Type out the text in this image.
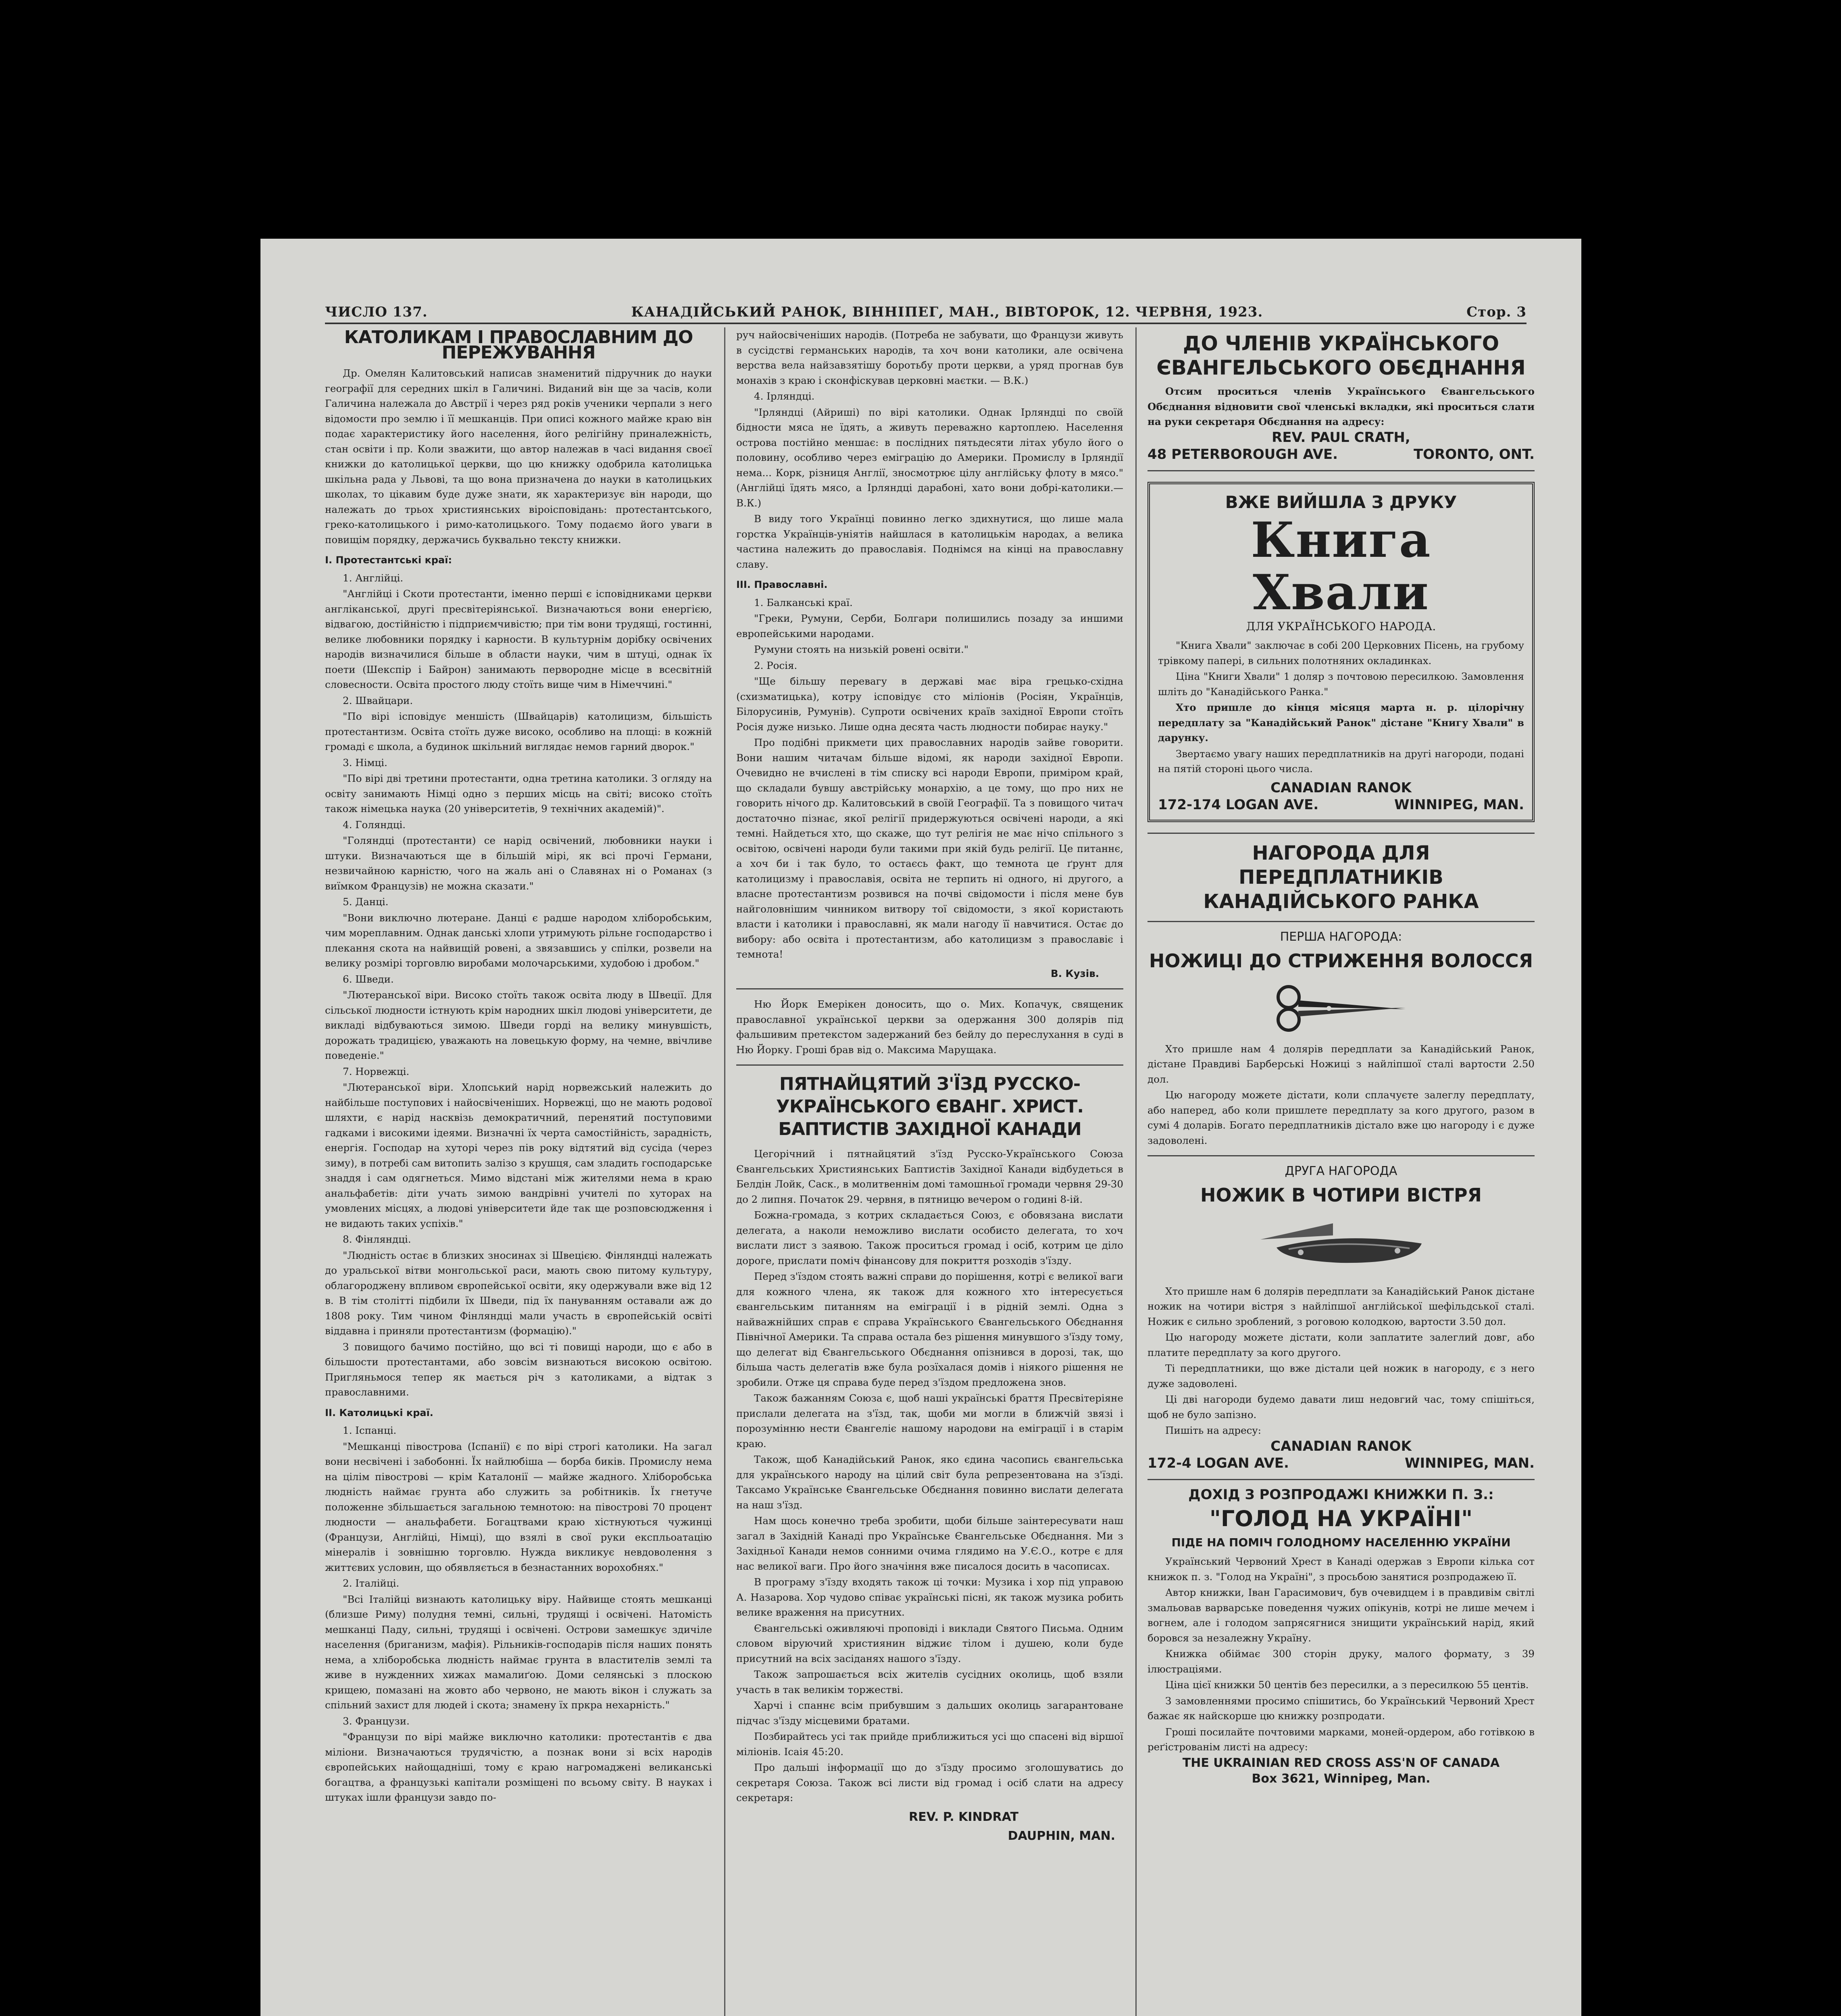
ЧИСЛО 137.	КАНАДІЙСЬКИЙ РАНОК, ВІННІПЕГ, МАН., ВІВТОРОК, 12. ЧЕРВНЯ, 1923.	Стор. 3
КАТОЛИКАМ І ПРАВОСЛАВНИМ ДО ПЕРЕЖУВАННЯ

Др. Омелян Калитовський написав знаменитий підручник до науки географії для середних шкіл в Галичині. Виданий він ще за часів, коли Галичина належала до Австрії і через ряд років ученики черпали з него відомости про землю і її мешканців. При описі кожного майже краю він подає характеристику його населення, його релігійну приналежність, стан освіти і пр. Коли зважити, що автор належав в часі видання своєї книжки до католицької церкви, що цю книжку одобрила католицька шкільна рада у Львові, та що вона призначена до науки в католицьких школах, то цікавим буде дуже знати, як характеризує він народи, що належать до трьох християнських віроісповідань: протестантського, греко-католицького і римо-католицького. Тому подаємо його уваги в повищім порядку, держачись буквально тексту книжки.

І. Протестантські краї:

1. Англійці.

"Англійці і Скоти протестанти, іменно перші є ісповідниками церкви англіканської, другі пресвітеріянської. Визначаються вони енергією, відвагою, достійністю і підприємчивістю; при тім вони трудящі, гостинні, велике любовники порядку і карности. В культурнім дорібку освічених народів визначилися більше в области науки, чим в штуці, однак їх поети (Шекспір і Байрон) занимають первородне місце в всесвітній словесности. Освіта простого люду стоїть вище чим в Німеччині."

2. Швайцари.

"По вірі ісповідує меншість (Швайцарів) католицизм, більшість протестантизм. Освіта стоїть дуже високо, особливо на площі: в кожній громаді є школа, а будинок шкільний виглядає немов гарний дворок."

3. Німці.

"По вірі дві третини протестанти, одна третина католики. З огляду на освіту занимають Німці одно з перших місць на світі; високо стоїть також німецька наука (20 університетів, 9 технічних академій)".

4. Голяндці.

"Голяндці (протестанти) се нарід освічений, любовники науки і штуки. Визначаються ще в більшій мірі, як всі прочі Германи, незвичайною карністю, чого на жаль ані о Славянах ні о Романах (з виїмком Французів) не можна сказати."

5. Данці.

"Вони виключно лютеране. Данці є радше народом хліборобським, чим мореплавним. Однак данські хлопи утримують рільне господарство і плекання скота на найвищій ровені, а звязавшись у спілки, розвели на велику розмірі торговлю виробами молочарськими, худобою і дробом."

6. Шведи.

"Лютеранської віри. Високо стоїть також освіта люду в Швеції. Для сільської людности істнують крім народних шкіл людові університети, де викладі відбуваються зимою. Шведи горді на велику минувшість, дорожать традицією, уважають на ловецькую форму, на чемне, ввічливе поведеніе."

7. Норвежці.

"Лютеранської віри. Хлопський нарід норвежський належить до найбільше поступових і найосвіченіших. Норвежці, що не мають родової шляхти, є нарід насквізь демократичний, перенятий поступовими гадками і високими ідеями. Визначні їх черта самостійність, зарадність, енергія. Господар на хуторі через пів року відтятий від сусіда (через зиму), в потребі сам витопить залізо з крушця, сам зладить господарське знаддя і сам одягнеться. Мимо відстані між жителями нема в краю анальфабетів: діти учать зимою вандрівні учителі по хуторах на умовлених місцях, а людові університети йде так ще розповсюдження і не видають таких успіхів."

8. Фінляндці.

"Людність остає в близких зносинах зі Швецією. Фінляндці належать до уральської вітви монгольської раси, мають свою питому культуру, облагороджену впливом європейської освіти, яку одержували вже від 12 в. В тім столітті підбили їх Шведи, під їх пануванням оставали аж до 1808 року. Тим чином Фінляндці мали участь в європейській освіті віддавна і приняли протестантизм (формацію)."

З повищого бачимо постійно, що всі ті повищі народи, що є або в більшости протестантами, або зовсім визнаються високою освітою. Пригляньмося тепер як мається річ з католиками, а відтак з православними.

ІІ. Католицькі краї.

1. Іспанці.

"Мешканці півострова (Іспанії) є по вірі строгі католики. На загал вони несвічені і забобонні. Їх найлюбіша — борба биків. Промислу нема на цілім півострові — крім Каталонії — майже жадного. Хліборобська людність наймає грунта або служить за робітників. Їх гнетуче положенне збільшається загальною темнотою: на півострові 70 процент людности — анальфабети. Богацтвами краю хістнуються чужинці (Французи, Англійці, Німці), що взялі в свої руки експльоатацію мінералів і зовнішню торговлю. Нужда викликує невдоволення з життєвих условин, що обявляється в безнастанних ворохобнях."

2. Італійці.

"Всі Італійці визнають католицьку віру. Найвище стоять мешканці (близше Риму) полудня темні, сильні, трудящі і освічені. Натомість мешканці Паду, сильні, трудящі і освічені. Острови замешкує здичіле населення (бриганизм, мафія). Рільників-господарів після наших понять нема, а хліборобська людність наймає грунта в властителів землі та живе в нужденних хижах мамалиґою. Доми селянські з плоскою крищею, помазані на жовто або червоно, не мають вікон і служать за спільний захист для людей і скота; знамену їх пркра нехарність."

3. Французи.

"Французи по вірі майже виключно католики: протестантів є два міліони. Визначаються трудячістю, а познак вони зі всіх народів європейських найощадніші, тому є краю нагромаджені великанські богацтва, а французькі капітали розміщені по всьому світу. В науках і штуках ішли французи завдо по-

руч найосвіченіших народів. (Потреба не забувати, що Французи живуть в сусідстві германських народів, та хоч вони католики, але освічена верства вела найзавзятішу боротьбу проти церкви, а уряд прогнав був монахів з краю і сконфіскував церковні маєтки. — В.К.)

4. Ірляндці.

"Ірляндці (Айриші) по вірі католики. Однак Ірляндці по своїй бідности мяса не їдять, а живуть переважно картоплею. Населення острова постійно меншає: в послідних пятьдесяти літах убуло його о половину, особливо через еміграцію до Америки. Промислу в Ірляндії нема... Корк, різниця Англії, зносмотрює цілу англійську флоту в мясо." (Англійці їдять мясо, а Ірляндці дарабоні, хато вони добрі-католики.—В.К.)

В виду того Українці повинно легко здихнутися, що лише мала горстка Українців-уніятів найшлася в католицькім народах, а велика частина належить до православія. Поднімся на кінці на православну славу.

ІІІ. Православні.

1. Балканські краї.

"Греки, Румуни, Серби, Болгари полишились позаду за иншими европейськими народами.

Румуни стоять на низькій ровені освіти."

2. Росія.

"Ще більшу перевагу в державі має віра грецько-східна (схизматицька), котру ісповідує сто міліонів (Росіян, Українців, Білорусинів, Румунів). Супроти освічених країв західної Европи стоїть Росія дуже низько. Лише одна десята часть людности побирає науку."

Про подібні прикмети цих православних народів зайве говорити. Вони нашим читачам більше відомі, як народи західної Европи. Очевидно не вчислені в тім списку всі народи Европи, приміром край, що складали бувшу австрійську монархію, а це тому, що про них не говорить нічого др. Калитовський в своїй Географії. Та з повищого читач достаточно пізнає, якої релігії придержуються освічені народи, а які темні. Найдеться хто, що скаже, що тут релігія не має нічо спільного з освітою, освічені народи були такими при якій будь релігії. Це питаннє, а хоч би і так було, то остаєсь факт, що темнота це ґрунт для католицизму і православія, освіта не терпить ні одного, ні другого, а власне протестантизм розвився на почві свідомости і після мене був найголовнішим чинником витвору тої свідомости, з якої користають власти і католики і православні, як мали нагоду її навчитися. Остає до вибору: або освіта і протестантизм, або католицизм з православіє і темнота!

В. Кузів.

Ню Йорк Емерікен доносить, що о. Мих. Копачук, священик православної української церкви за одержання 300 долярів під фальшивим претекстом задержаний без бейлу до переслухання в суді в Ню Йорку. Гроші брав від о. Максима Марущака.

ПЯТНАЙЦЯТИЙ З'ЇЗД РУССКО-УКРАЇНСЬКОГО ЄВАНГ. ХРИСТ. БАПТИСТІВ ЗАХІДНОЇ КАНАДИ

Цегорічний і пятнайцятий з'їзд Русско-Українського Союза Євангельських Християнських Баптистів Західної Канади відбудеться в Белдін Лойк, Саск., в молитвеннім домі тамошньої громади червня 29-30 до 2 липня. Початок 29. червня, в пятницю вечером о годині 8-ій.

Божна-громада, з котрих складається Союз, є обовязана вислати делегата, а наколи неможливо вислати особисто делегата, то хоч вислати лист з заявою. Також проситься громад і осіб, котрим це діло дороге, прислати поміч фінансову для покриття розходів з'їзду.

Перед з'їздом стоять важні справи до порішення, котрі є великої ваги для кожного члена, як також для кожного хто інтересується євангельським питанням на еміграції і в рідній землі. Одна з найважнійших справ є справа Українського Євангельського Обєднання Північної Америки. Та справа остала без рішення минувшого з'їзду тому, що делегат від Євангельського Обєднання опізнився в дорозі, так, що більша часть делегатів вже була розїхалася домів і ніякого рішення не зробили. Отже ця справа буде перед з'їздом предложена знов.

Також бажанням Союза є, щоб наші українські браття Пресвітеріяне прислали делегата на з'їзд, так, щоби ми могли в ближчій звязі і порозумінню нести Євангеліє нашому народови на еміграції і в старім краю.

Також, щоб Канадійський Ранок, яко єдина часопись євангельська для українського народу на цілий світ була репрезентована на з'їзді. Таксамо Українське Євангельське Обєднання повинно вислати делегата на наш з'їзд.

Нам щось конечно треба зробити, щоби більше заінтересувати наш загал в Західній Канаді про Українське Євангельське Обєднання. Ми з Західньої Канади немов сонними очима глядимо на У.Є.О., котре є для нас великої ваги. Про його значіння вже писалося досить в часописах.

В програму з'їзду входять також ці точки: Музика і хор під управою А. Назарова. Хор чудово співає українські пісні, як також музика робить велике враження на присутних.

Євангельські оживляючі проповіді і виклади Святого Письма. Одним словом віруючий християнин віджиє тілом і душею, коли буде присутний на всіх засіданях нашого з'їзду.

Також запрошається всіх жителів сусідних околиць, щоб взяли участь в так великім торжестві.

Харчі і спаннє всім прибувшим з дальших околиць загарантоване підчас з'їзду місцевими братами.

Позбирайтесь усі так прийде приближиться усі що спасені від віршої міліонів. Ісаія 45:20.

Про дальші інформації що до з'їзду просимо зголошуватись до секретаря Союза. Також всі листи від громад і осіб слати на адресу секретаря:

REV. P. KINDRAT

DAUPHIN, MAN.

ДО ЧЛЕНІВ УКРАЇНСЬКОГО ЄВАНГЕЛЬСЬКОГО ОБЄДНАННЯ

Отсим проситься членів Українського Євангельського Обєднання відновити свої членські вкладки, які проситься слати на руки секретаря Обєднання на адресу:

REV. PAUL CRATH,

48 PETERBOROUGH AVE.	TORONTO, ONT.
ВЖЕ ВИЙШЛА З ДРУКУ
Книга Хвали
ДЛЯ УКРАЇНСЬКОГО НАРОДА.

"Книга Хвали" заключає в собі 200 Церковних Пісень, на грубому трівкому папері, в сильних полотняних окладинках.

Ціна "Книги Хвали" 1 доляр з почтовою пересилкою. Замовлення шліть до "Канадійського Ранка."

Хто пришле до кінця місяця марта н. р. цілорічну передплату за "Канадійський Ранок" дістане "Книгу Хвали" в дарунку.

Звертаємо увагу наших передплатників на другі нагороди, подані на пятій стороні цього числа.

CANADIAN RANOK

172-174 LOGAN AVE.	WINNIPEG, MAN.
НАГОРОДА ДЛЯ ПЕРЕДПЛАТНИКІВ КАНАДІЙСЬКОГО РАНКА
ПЕРША НАГОРОДА:
НОЖИЦІ ДО СТРИЖЕННЯ ВОЛОССЯ

Хто пришле нам 4 долярів передплати за Канадійський Ранок, дістане Правдиві Барберські Ножиці з найліпшої сталі вартости 2.50 дол.

Цю нагороду можете дістати, коли сплачуєте залеглу передплату, або наперед, або коли пришлете передплату за кого другого, разом в сумі 4 доларів. Богато передплатників дістало вже цю нагороду і є дуже задоволені.

ДРУГА НАГОРОДА
НОЖИК В ЧОТИРИ ВІСТРЯ

Хто пришле нам 6 долярів передплати за Канадійський Ранок дістане ножик на чотири вістря з найліпшої англійської шефільдської сталі. Ножик є сильно зроблений, з роговою колодкою, вартости 3.50 дол.

Цю нагороду можете дістати, коли заплатите залеглий довг, або платите передплату за кого другого.

Ті передплатники, що вже дістали цей ножик в нагороду, є з него дуже задоволені.

Ці дві нагороди будемо давати лиш недовгий час, тому спішіться, щоб не було запізно.

Пишіть на адресу:

CANADIAN RANOK

172-4 LOGAN AVE.	WINNIPEG, MAN.
ДОХІД З РОЗПРОДАЖІ КНИЖКИ П. З.:
"ГОЛОД НА УКРАЇНІ"
ПІДЕ НА ПОМІЧ ГОЛОДНОМУ НАСЕЛЕННЮ УКРАЇНИ

Український Червоний Хрест в Канаді одержав з Европи кілька сот книжок п. з. "Голод на Україні", з просьбою занятися розпродажею її.

Автор книжки, Іван Гарасимович, був очевидцем і в правдивім світлі змальовав варварське поведення чужих опікунів, котрі не лише мечем і вогнем, але і голодом запрясягнися знищити український нарід, який боровся за незалежну Україну.

Книжка обіймає 300 сторін друку, малого формату, з 39 ілюстраціями.

Ціна цієї книжки 50 центів без пересилки, а з пересилкою 55 центів.

З замовленнями просимо спішитись, бо Український Червоний Хрест бажає як найскорше цю книжку розпродати.

Гроші посилайте почтовими марками, моней-ордером, або готівкою в реґістрованім листі на адресу:

THE UKRAINIAN RED CROSS ASS'N OF CANADA

Box 3621, Winnipeg, Man.
